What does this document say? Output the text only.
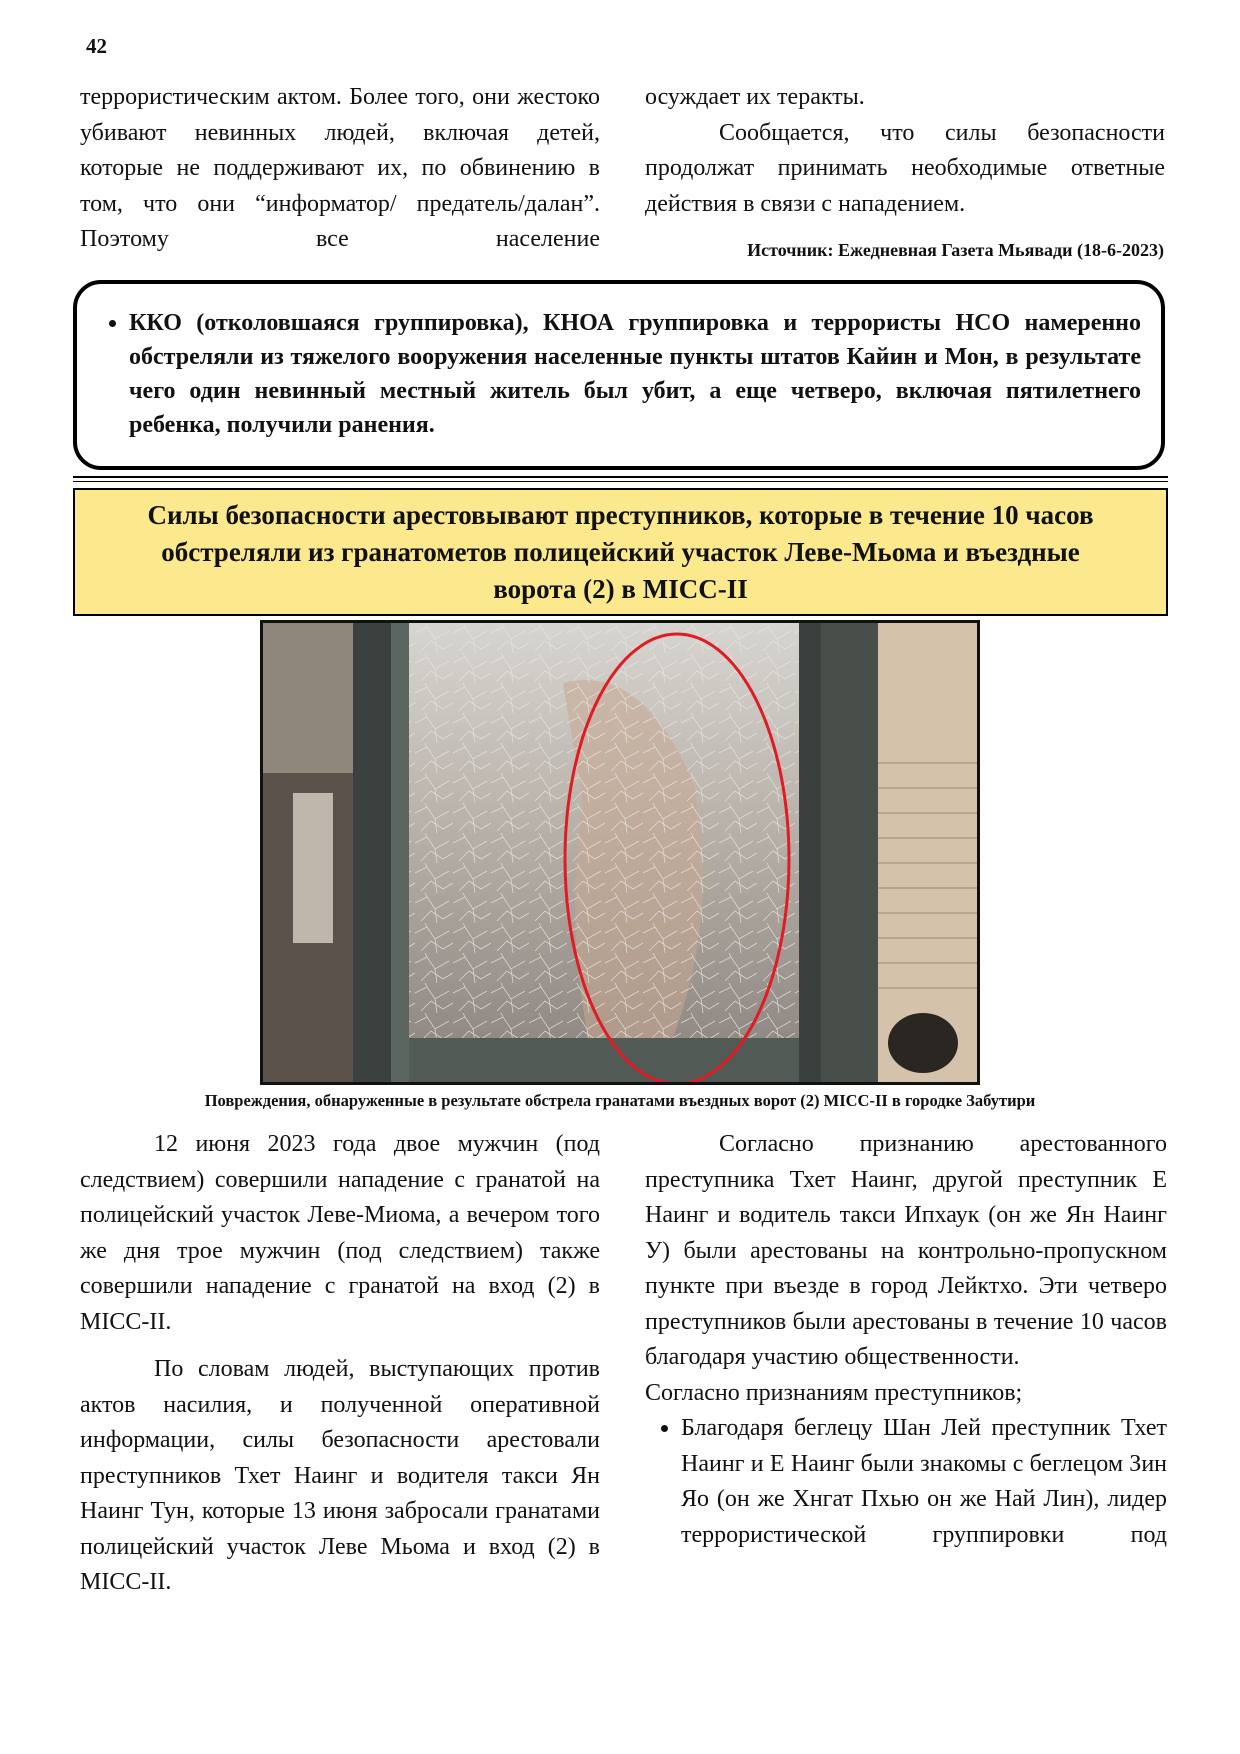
42

террористическим актом. Более того, они жестоко убивают невинных людей, включая детей, которые не поддерживают их, по обвинению в том, что они “информатор/ предатель/далан”. Поэтому все население

осуждает их теракты.

Сообщается, что силы безопасности продолжат принимать необходимые ответные действия в связи с нападением.

Источник: Ежедневная Газета Мьявади (18-6-2023)
• ККО (отколовшаяся группировка), КНОА группировка и террористы НСО намеренно обстреляли из тяжелого вооружения населенные пункты штатов Кайин и Мон, в результате чего один невинный местный житель был убит, а еще четверо, включая пятилетнего ребенка, получили ранения.
Силы безопасности арестовывают преступников, которые в течение 10 часов обстреляли из гранатометов полицейский участок Леве-Мьома и въездные ворота (2) в MICC-II
Повреждения, обнаруженные в результате обстрела гранатами въездных ворот (2) MICC-II в городке Забутири

12 июня 2023 года двое мужчин (под следствием) совершили нападение с гранатой на полицейский участок Леве-Миома, а вечером того же дня трое мужчин (под следствием) также совершили нападение с гранатой на вход (2) в MICC-II.

По словам людей, выступающих против актов насилия, и полученной оперативной информации, силы безопасности арестовали преступников Тхет Наинг и водителя такси Ян Наинг Тун, которые 13 июня забросали гранатами полицейский участок Леве Мьома и вход (2) в MICC-II.

Согласно признанию арестованного преступника Тхет Наинг, другой преступник Е Наинг и водитель такси Ипхаук (он же Ян Наинг У) были арестованы на контрольно-пропускном пункте при въезде в город Лейктхо. Эти четверо преступников были арестованы в течение 10 часов благодаря участию общественности.

Согласно признаниям преступников;

• Благодаря беглецу Шан Лей преступник Тхет Наинг и Е Наинг были знакомы с беглецом Зин Яо (он же Хнгат Пхью он же Най Лин), лидер террористической группировки под
